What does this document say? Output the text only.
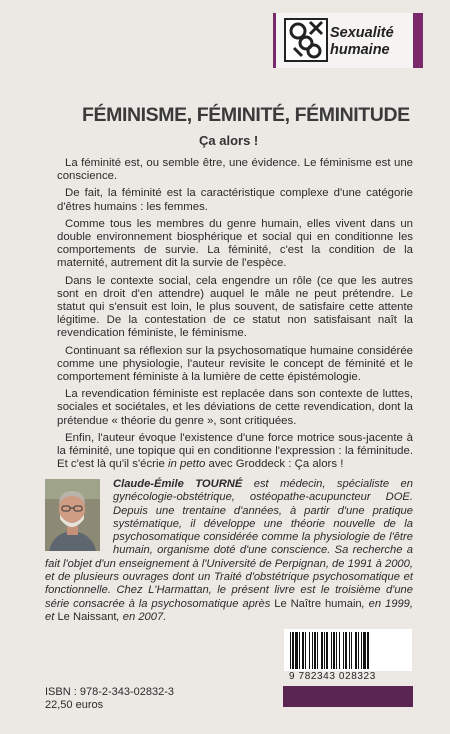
Sexualité
humaine
FÉMINISME, FÉMINITÉ, FÉMINITUDE
Ça alors !

La féminité est, ou semble être, une évidence. Le féminisme est une conscience.

De fait, la féminité est la caractéristique complexe d'une catégorie d'êtres humains : les femmes.

Comme tous les membres du genre humain, elles vivent dans un double environnement biosphérique et social qui en conditionne les comportements de survie. La féminité, c'est la condition de la maternité, autrement dit la survie de l'espèce.

Dans le contexte social, cela engendre un rôle (ce que les autres sont en droit d'en attendre) auquel le mâle ne peut prétendre. Le statut qui s'ensuit est loin, le plus souvent, de satisfaire cette attente légitime. De la contestation de ce statut non satisfaisant naît la revendication féministe, le féminisme.

Continuant sa réflexion sur la psychosomatique humaine considérée comme une physiologie, l'auteur revisite le concept de féminité et le comportement féministe à la lumière de cette épistémologie.

La revendication féministe est replacée dans son contexte de luttes, sociales et sociétales, et les déviations de cette revendication, dont la prétendue « théorie du genre », sont critiquées.

Enfin, l'auteur évoque l'existence d'une force motrice sous-jacente à la féminité, une topique qui en conditionne l'expression : la féminitude. Et c'est là qu'il s'écrie in petto avec Groddeck : Ça alors !

Claude-Émile TOURNÉ est médecin, spécialiste en gynécologie-obstétrique, ostéopathe-acupuncteur DOE. Depuis une trentaine d'années, à partir d'une pratique systématique, il développe une théorie nouvelle de la psychosomatique considérée comme la physiologie de l'être humain, organisme doté d'une conscience. Sa recherche a fait l'objet d'un enseignement à l'Université de Perpignan, de 1991 à 2000, et de plusieurs ouvrages dont un Traité d'obstétrique psychosomatique et fonctionnelle. Chez L'Harmattan, le présent livre est le troisième d'une série consacrée à la psychosomatique après Le Naître humain, en 1999, et Le Naissant, en 2007.
9 782343 028323
ISBN : 978-2-343-02832-3
22,50 euros
